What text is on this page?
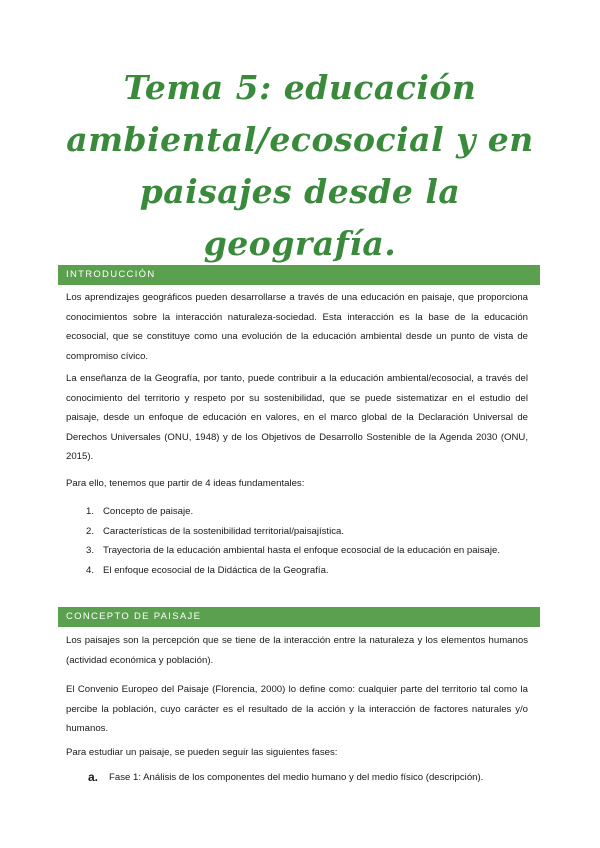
Tema 5: educación ambiental/ecosocial y en paisajes desde la geografía.
INTRODUCCIÓN
Los aprendizajes geográficos pueden desarrollarse a través de una educación en paisaje, que proporciona conocimientos sobre la interacción naturaleza-sociedad. Esta interacción es la base de la educación ecosocial, que se constituye como una evolución de la educación ambiental desde un punto de vista de compromiso cívico.
La enseñanza de la Geografía, por tanto, puede contribuir a la educación ambiental/ecosocial, a través del conocimiento del territorio y respeto por su sostenibilidad, que se puede sistematizar en el estudio del paisaje, desde un enfoque de educación en valores, en el marco global de la Declaración Universal de Derechos Universales (ONU, 1948) y de los Objetivos de Desarrollo Sostenible de la Agenda 2030 (ONU, 2015).
Para ello, tenemos que partir de 4 ideas fundamentales:
1. Concepto de paisaje.
2. Características de la sostenibilidad territorial/paisajística.
3. Trayectoria de la educación ambiental hasta el enfoque ecosocial de la educación en paisaje.
4. El enfoque ecosocial de la Didáctica de la Geografía.
CONCEPTO DE PAISAJE
Los paisajes son la percepción que se tiene de la interacción entre la naturaleza y los elementos humanos (actividad económica y población).
El Convenio Europeo del Paisaje (Florencia, 2000) lo define como: cualquier parte del territorio tal como la percibe la población, cuyo carácter es el resultado de la acción y la interacción de factores naturales y/o humanos.
Para estudiar un paisaje, se pueden seguir las siguientes fases:
a. Fase 1: Análisis de los componentes del medio humano y del medio físico (descripción).
